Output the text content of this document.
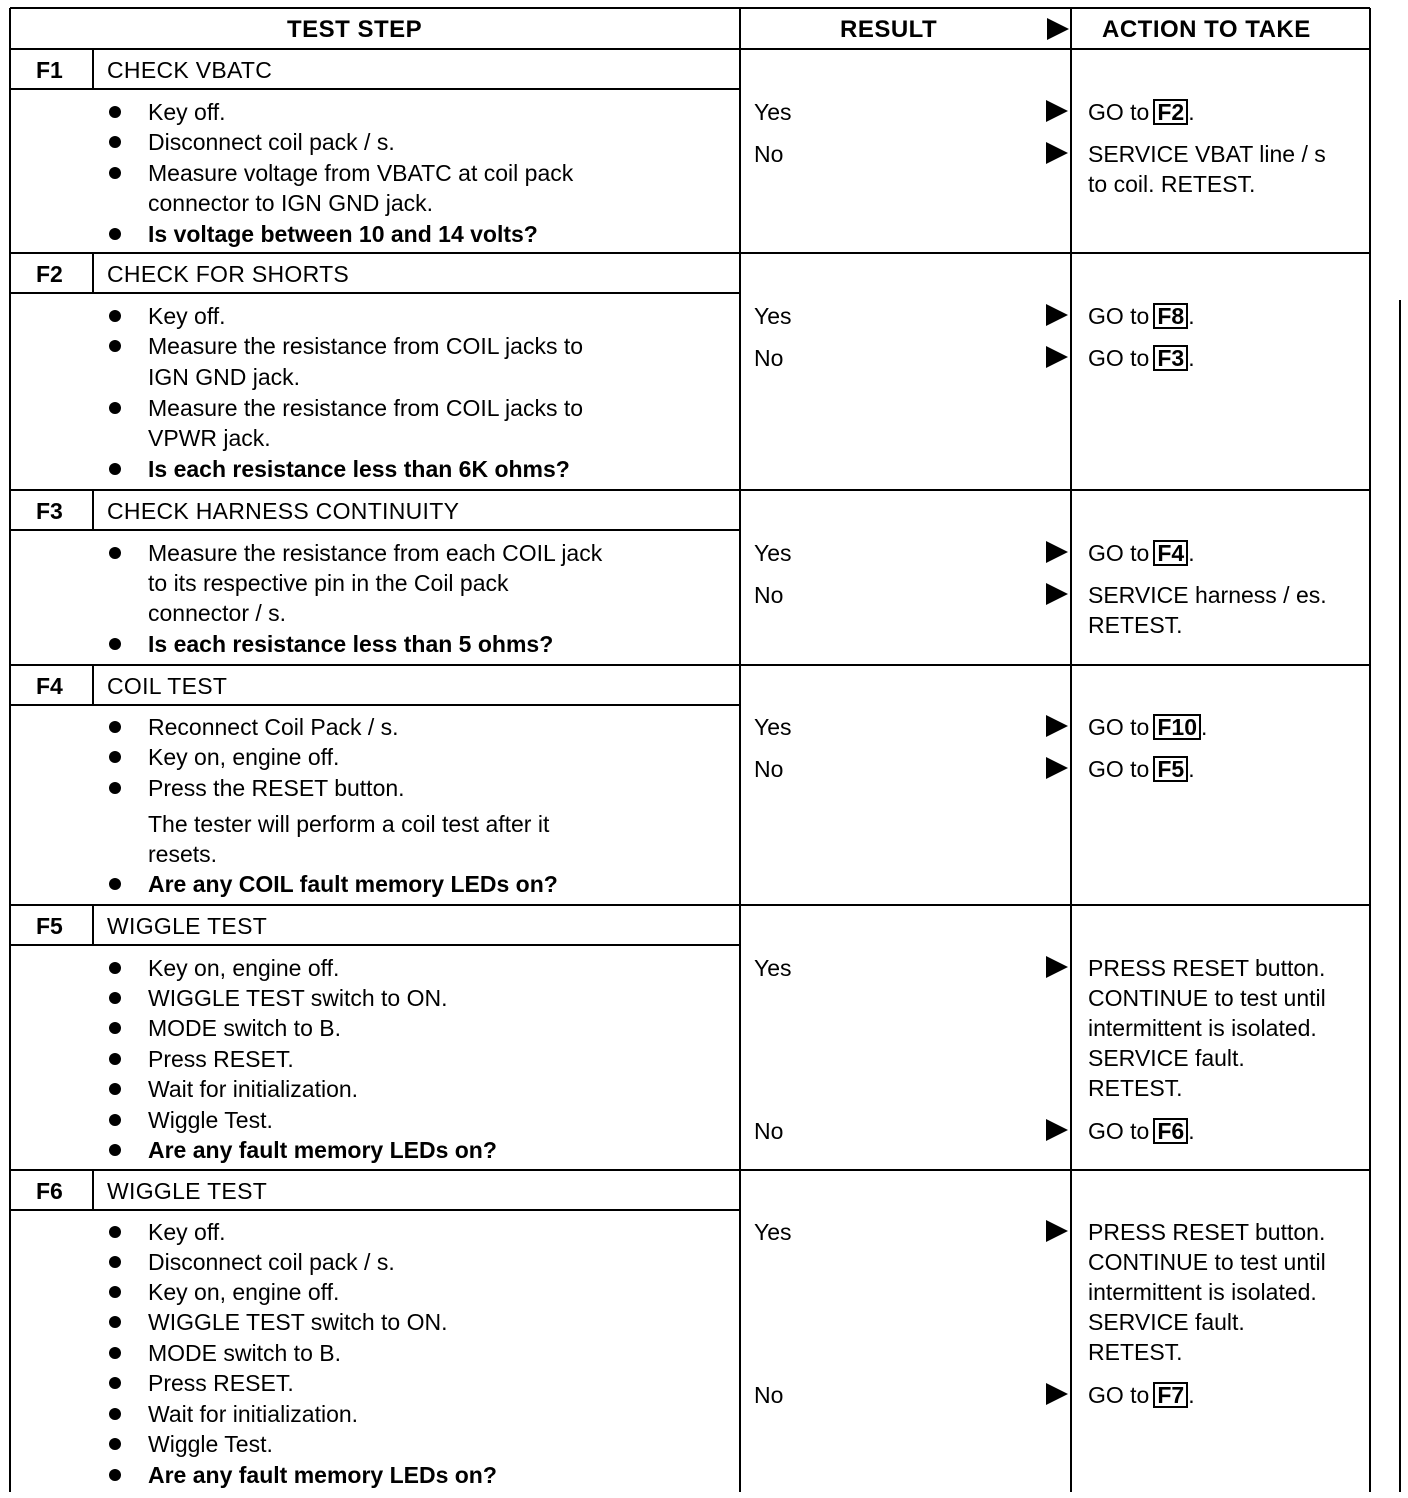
TEST STEP	RESULT	ACTION TO TAKE
F1 CHECK VBATC
Key off.
Disconnect coil pack / s.
Measure voltage from VBATC at coil pack
connector to IGN GND jack.
Is voltage between 10 and 14 volts?
Yes	GO to F2 .
No	SERVICE VBAT line / s
to coil. RETEST.
F2 CHECK FOR SHORTS
Key off.
Measure the resistance from COIL jacks to
IGN GND jack.
Measure the resistance from COIL jacks to
VPWR jack.
Is each resistance less than 6K ohms?
Yes	GO to F8 .
No	GO to F3 .
F3 CHECK HARNESS CONTINUITY
Measure the resistance from each COIL jack
to its respective pin in the Coil pack
connector / s.
Is each resistance less than 5 ohms?
Yes	GO to F4 .
No	SERVICE harness / es.
RETEST.
F4 COIL TEST
Reconnect Coil Pack / s.
Key on, engine off.
Press the RESET button.
The tester will perform a coil test after it
resets.
Are any COIL fault memory LEDs on?
Yes	GO to F10 .
No	GO to F5 .
F5 WIGGLE TEST
Key on, engine off.
WIGGLE TEST switch to ON.
MODE switch to B.
Press RESET.
Wait for initialization.
Wiggle Test.
Are any fault memory LEDs on?
Yes	PRESS RESET button.
CONTINUE to test until
intermittent is isolated.
SERVICE fault.
RETEST.
No	GO to F6 .
F6 WIGGLE TEST
Key off.
Disconnect coil pack / s.
Key on, engine off.
WIGGLE TEST switch to ON.
MODE switch to B.
Press RESET.
Wait for initialization.
Wiggle Test.
Are any fault memory LEDs on?
Yes	PRESS RESET button.
CONTINUE to test until
intermittent is isolated.
SERVICE fault.
RETEST.
No	GO to F7 .
